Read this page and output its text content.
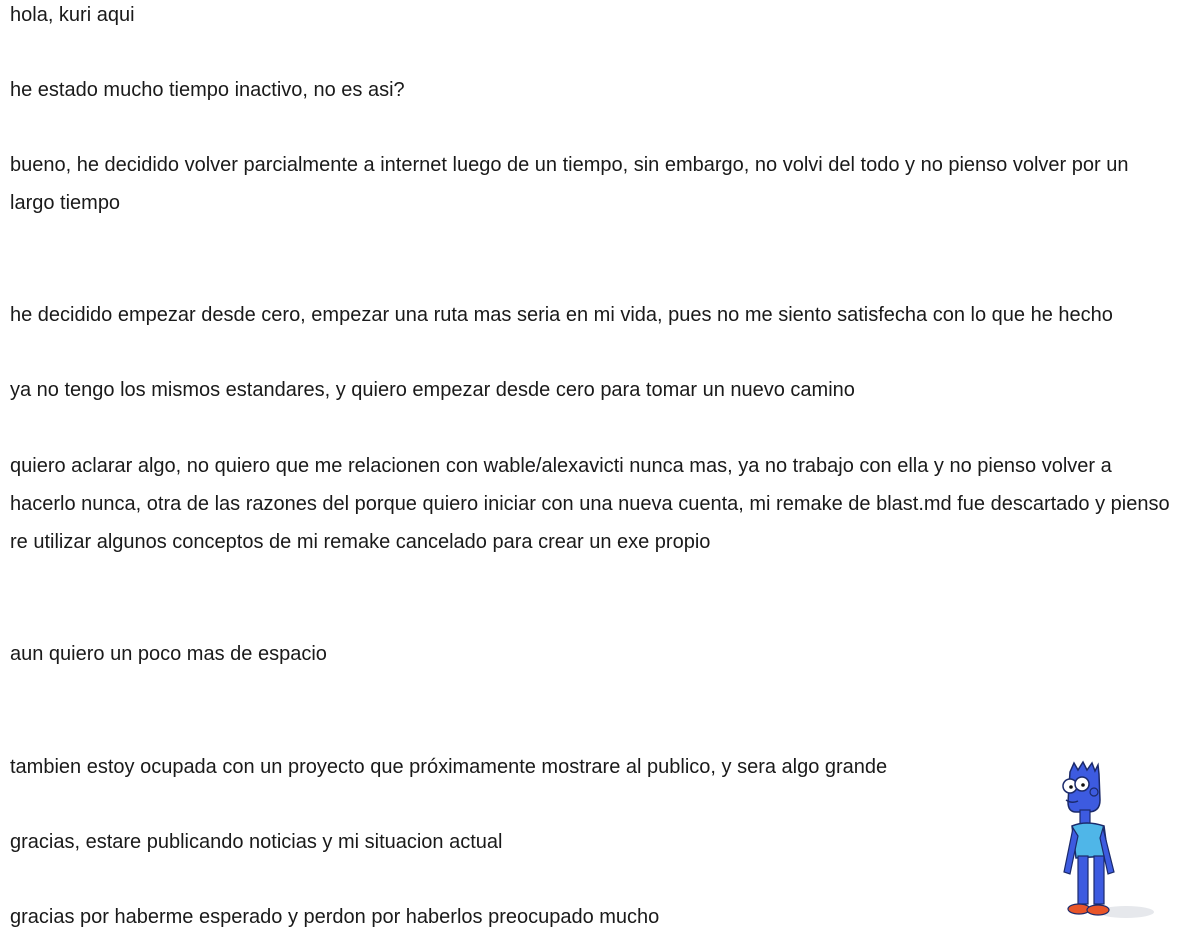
hola, kuri aqui

he estado mucho tiempo inactivo, no es asi?

bueno, he decidido volver parcialmente a internet luego de un tiempo, sin embargo, no volvi del todo y no pienso volver por un largo tiempo

he decidido empezar desde cero, empezar una ruta mas seria en mi vida, pues no me siento satisfecha con lo que he hecho

ya no tengo los mismos estandares, y quiero empezar desde cero para tomar un nuevo camino

quiero aclarar algo, no quiero que me relacionen con wable/alexavicti nunca mas, ya no trabajo con ella y no pienso volver a hacerlo nunca, otra de las razones del porque quiero iniciar con una nueva cuenta, mi remake de blast.md fue descartado y pienso re utilizar algunos conceptos de mi remake cancelado para crear un exe propio

aun quiero un poco mas de espacio

tambien estoy ocupada con un proyecto que próximamente mostrare al publico, y sera algo grande

gracias, estare publicando noticias y mi situacion actual

gracias por haberme esperado y perdon por haberlos preocupado mucho
